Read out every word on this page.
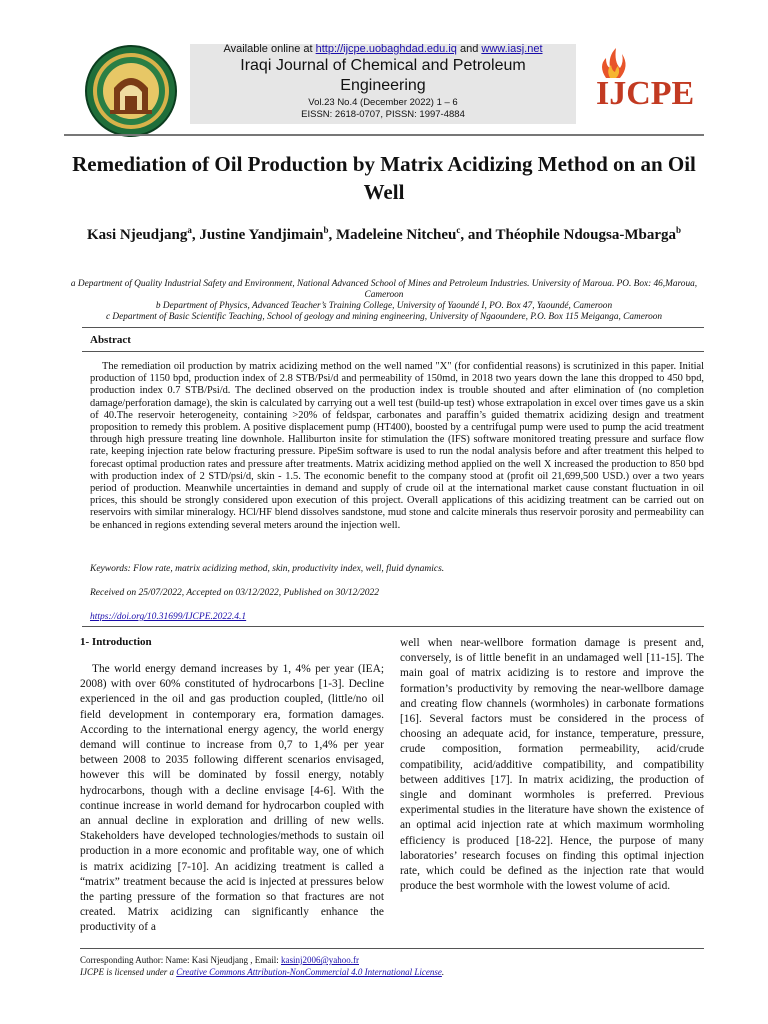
Available online at http://ijcpe.uobaghdad.edu.iq and www.iasj.net
Iraqi Journal of Chemical and Petroleum
Engineering
Vol.23 No.4 (December 2022) 1 – 6
EISSN: 2618-0707, PISSN: 1997-4884
IJCPE
Remediation of Oil Production by Matrix Acidizing Method on an Oil Well
Kasi Njeudjang$^a$, Justine Yandjimain$^b$, Madeleine Nitcheu$^c$, and Théophile Ndougsa-Mbarga$^b$
a Department of Quality Industrial Safety and Environment, National Advanced School of Mines and Petroleum Industries. University of Maroua. PO. Box: 46,Maroua, Cameroon
b Department of Physics, Advanced Teacher’s Training College, University of Yaoundé I, PO. Box 47, Yaoundé, Cameroon
c Department of Basic Scientific Teaching, School of geology and mining engineering, University of Ngaoundere, P.O. Box 115 Meiganga, Cameroon
Abstract
The remediation oil production by matrix acidizing method on the well named "X" (for confidential reasons) is scrutinized in this paper. Initial production of 1150 bpd, production index of 2.8 STB/Psi/d and permeability of 150md, in 2018 two years down the lane this dropped to 450 bpd, production index 0.7 STB/Psi/d. The declined observed on the production index is trouble shouted and after elimination of (no completion damage/perforation damage), the skin is calculated by carrying out a well test (build-up test) whose extrapolation in excel over times gave us a skin of 40.The reservoir heterogeneity, containing >20% of feldspar, carbonates and paraffin’s guided thematrix acidizing design and treatment proposition to remedy this problem. A positive displacement pump (HT400), boosted by a centrifugal pump were used to pump the acid treatment through high pressure treating line downhole. Halliburton insite for stimulation the (IFS) software monitored treating pressure and surface flow rate, keeping injection rate below fracturing pressure. PipeSim software is used to run the nodal analysis before and after treatment this helped to forecast optimal production rates and pressure after treatments. Matrix acidizing method applied on the well X increased the production to 850 bpd with production index of 2 STD/psi/d, skin - 1.5. The economic benefit to the company stood at (profit oil 21,699,500 USD.) over a two years period of production. Meanwhile uncertainties in demand and supply of crude oil at the international market cause constant fluctuation in oil prices, this should be strongly considered upon execution of this project. Overall applications of this acidizing treatment can be carried out on reservoirs with similar mineralogy. HCl/HF blend dissolves sandstone, mud stone and calcite minerals thus reservoir porosity and permeability can be enhanced in regions extending several meters around the injection well.
Keywords: Flow rate, matrix acidizing method, skin, productivity index, well, fluid dynamics.
Received on 25/07/2022, Accepted on 03/12/2022, Published on 30/12/2022
https://doi.org/10.31699/IJCPE.2022.4.1
1- Introduction
The world energy demand increases by 1, 4% per year (IEA; 2008) with over 60% constituted of hydrocarbons [1-3]. Decline experienced in the oil and gas production coupled, (little/no oil field development in contemporary era, formation damages. According to the international energy agency, the world energy demand will continue to increase from 0,7 to 1,4% per year between 2008 to 2035 following different scenarios envisaged, however this will be dominated by fossil energy, notably hydrocarbons, though with a decline envisage [4-6]. With the continue increase in world demand for hydrocarbon coupled with an annual decline in exploration and drilling of new wells. Stakeholders have developed technologies/methods to sustain oil production in a more economic and profitable way, one of which is matrix acidizing [7-10]. An acidizing treatment is called a “matrix” treatment because the acid is injected at pressures below the parting pressure of the formation so that fractures are not created. Matrix acidizing can significantly enhance the productivity of a
well when near-wellbore formation damage is present and, conversely, is of little benefit in an undamaged well [11-15]. The main goal of matrix acidizing is to restore and improve the formation’s productivity by removing the near-wellbore damage and creating flow channels (wormholes) in carbonate formations [16]. Several factors must be considered in the process of choosing an adequate acid, for instance, temperature, pressure, crude composition, formation permeability, acid/crude compatibility, acid/additive compatibility, and compatibility between additives [17]. In matrix acidizing, the production of single and dominant wormholes is preferred. Previous experimental studies in the literature have shown the existence of an optimal acid injection rate at which maximum wormholing efficiency is produced [18-22]. Hence, the purpose of many laboratories’ research focuses on finding this optimal injection rate, which could be defined as the injection rate that would produce the best wormhole with the lowest volume of acid.
Corresponding Author: Name: Kasi Njeudjang , Email: kasinj2006@yahoo.fr
IJCPE is licensed under a Creative Commons Attribution-NonCommercial 4.0 International License.
